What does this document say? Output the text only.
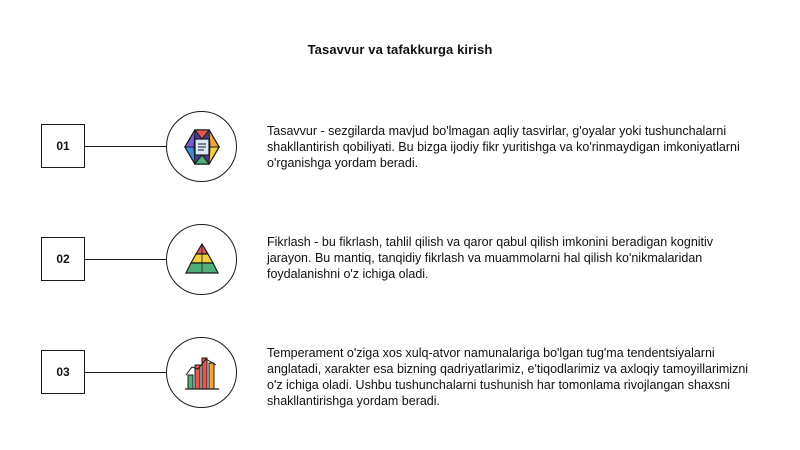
Tasavvur va tafakkurga kirish
01
Tasavvur - sezgilarda mavjud bo'lmagan aqliy tasvirlar, g'oyalar yoki tushunchalarni shakllantirish qobiliyati. Bu bizga ijodiy fikr yuritishga va ko'rinmaydigan imkoniyatlarni o'rganishga yordam beradi.
02
Fikrlash - bu fikrlash, tahlil qilish va qaror qabul qilish imkonini beradigan kognitiv jarayon. Bu mantiq, tanqidiy fikrlash va muammolarni hal qilish ko'nikmalaridan foydalanishni o'z ichiga oladi.
03
Temperament o'ziga xos xulq-atvor namunalariga bo'lgan tug'ma tendentsiyalarni anglatadi, xarakter esa bizning qadriyatlarimiz, e'tiqodlarimiz va axloqiy tamoyillarimizni o'z ichiga oladi. Ushbu tushunchalarni tushunish har tomonlama rivojlangan shaxsni shakllantirishga yordam beradi.
